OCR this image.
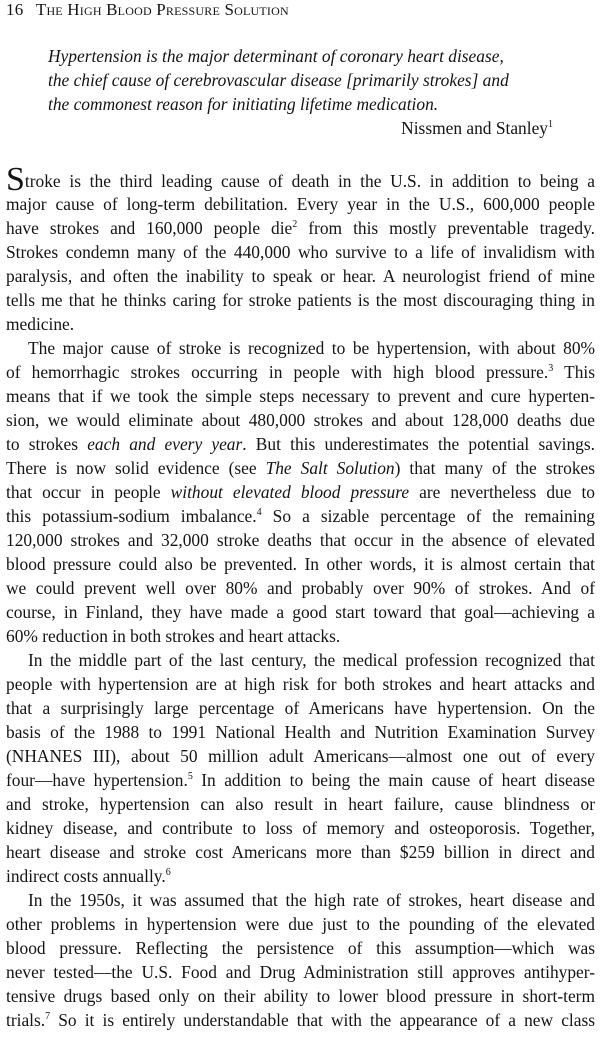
16 The High Blood Pressure Solution

Hypertension is the major determinant of coronary heart disease,

the chief cause of cerebrovascular disease [primarily strokes] and

the commonest reason for initiating lifetime medication.

Nissmen and Stanley$^1$
Stroke is the third leading cause of death in the U.S. in addition to being a
major cause of long-term debilitation. Every year in the U.S., 600,000 people
have strokes and 160,000 people die$^2$ from this mostly preventable tragedy.
Strokes condemn many of the 440,000 who survive to a life of invalidism with
paralysis, and often the inability to speak or hear. A neurologist friend of mine
tells me that he thinks caring for stroke patients is the most discouraging thing in
medicine.
The major cause of stroke is recognized to be hypertension, with about 80%
of hemorrhagic strokes occurring in people with high blood pressure.$^3$ This
means that if we took the simple steps necessary to prevent and cure hyperten-
sion, we would eliminate about 480,000 strokes and about 128,000 deaths due
to strokes each and every year. But this underestimates the potential savings.
There is now solid evidence (see The Salt Solution) that many of the strokes
that occur in people without elevated blood pressure are nevertheless due to
this potassium-sodium imbalance.$^4$ So a sizable percentage of the remaining
120,000 strokes and 32,000 stroke deaths that occur in the absence of elevated
blood pressure could also be prevented. In other words, it is almost certain that
we could prevent well over 80% and probably over 90% of strokes. And of
course, in Finland, they have made a good start toward that goal—achieving a
60% reduction in both strokes and heart attacks.
In the middle part of the last century, the medical profession recognized that
people with hypertension are at high risk for both strokes and heart attacks and
that a surprisingly large percentage of Americans have hypertension. On the
basis of the 1988 to 1991 National Health and Nutrition Examination Survey
(NHANES III), about 50 million adult Americans—almost one out of every
four—have hypertension.$^5$ In addition to being the main cause of heart disease
and stroke, hypertension can also result in heart failure, cause blindness or
kidney disease, and contribute to loss of memory and osteoporosis. Together,
heart disease and stroke cost Americans more than $259 billion in direct and
indirect costs annually.$^6$
In the 1950s, it was assumed that the high rate of strokes, heart disease and
other problems in hypertension were due just to the pounding of the elevated
blood pressure. Reflecting the persistence of this assumption—which was
never tested—the U.S. Food and Drug Administration still approves antihyper-
tensive drugs based only on their ability to lower blood pressure in short-term
trials.$^7$ So it is entirely understandable that with the appearance of a new class
